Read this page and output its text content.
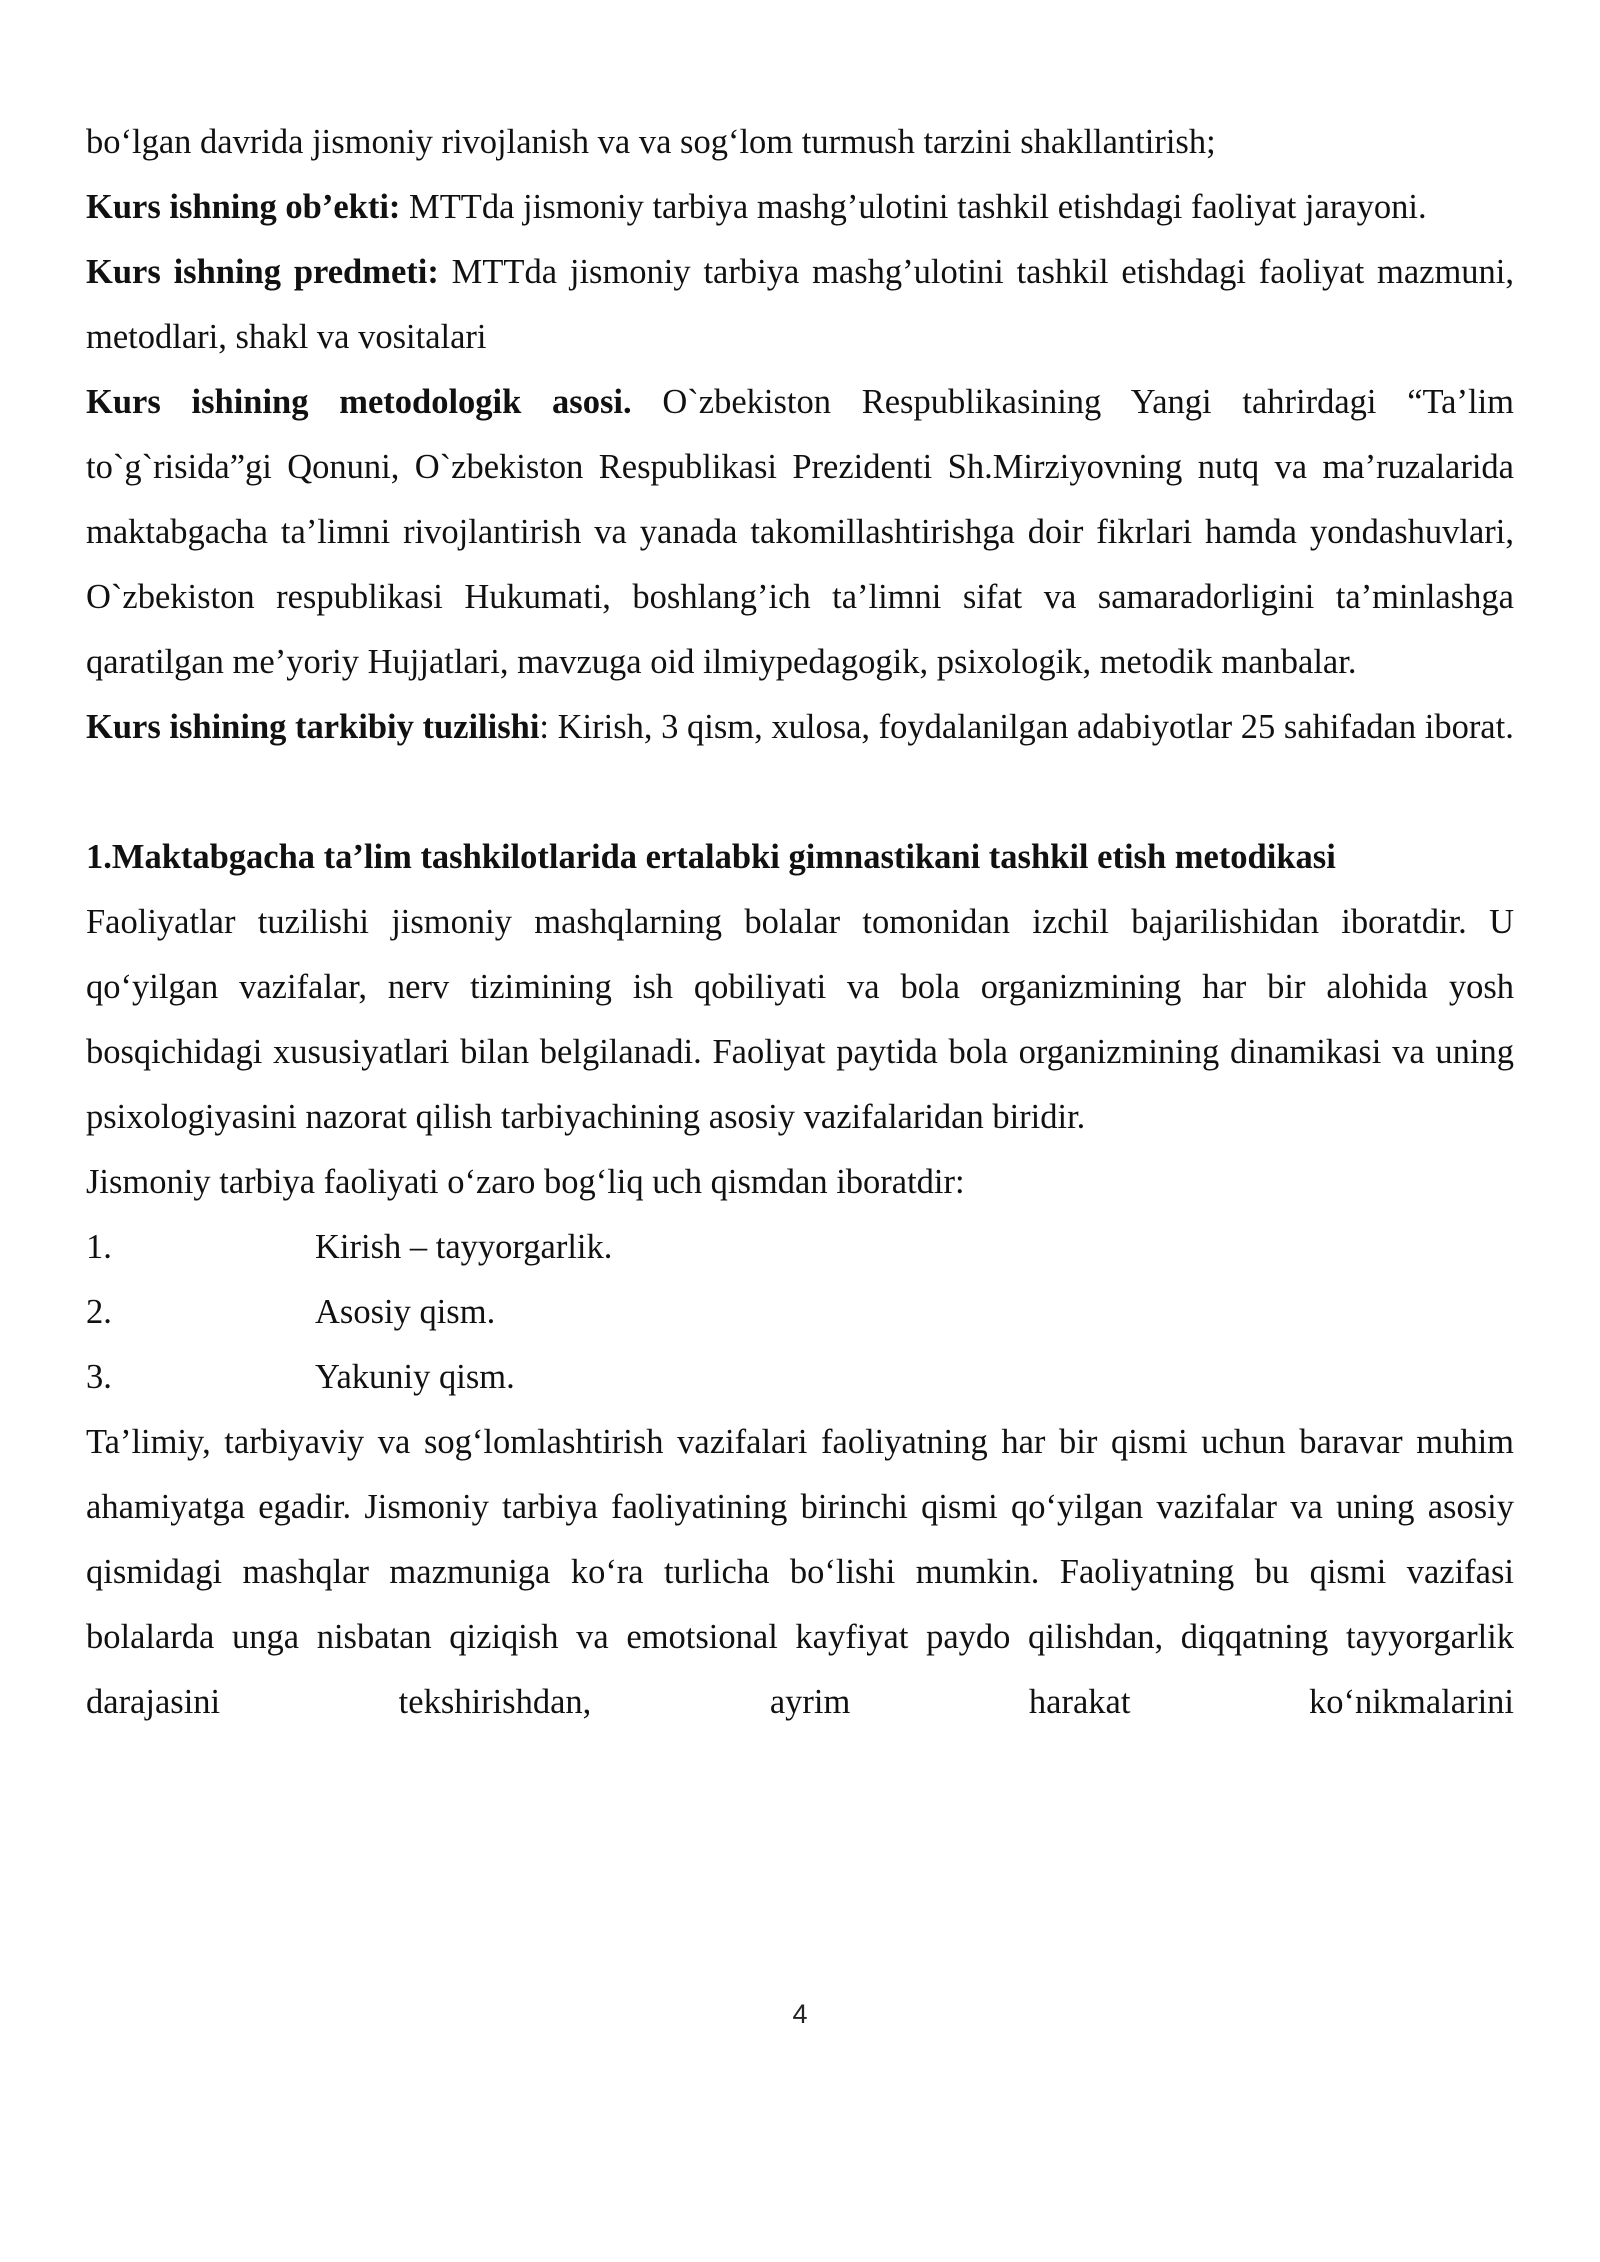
bo‘lgan davrida jismoniy rivojlanish va va sog‘lom turmush tarzini shakllantirish;

Kurs ishning ob’ekti: MTTda jismoniy tarbiya mashg’ulotini tashkil etishdagi faoliyat jarayoni.

Kurs ishning predmeti: MTTda jismoniy tarbiya mashg’ulotini tashkil etishdagi faoliyat mazmuni, metodlari, shakl va vositalari

Kurs ishining metodologik asosi. O`zbekiston Respublikasining Yangi tahrirdagi “Ta’lim to`g`risida”gi Qonuni, O`zbekiston Respublikasi Prezidenti Sh.Mirziyovning nutq va ma’ruzalarida maktabgacha ta’limni rivojlantirish va yanada takomillashtirishga doir fikrlari hamda yondashuvlari, O`zbekiston respublikasi Hukumati, boshlang’ich ta’limni sifat va samaradorligini ta’minlashga qaratilgan me’yoriy Hujjatlari, mavzuga oid ilmiypedagogik, psixologik, metodik manbalar.

Kurs ishining tarkibiy tuzilishi: Kirish, 3 qism, xulosa, foydalanilgan adabiyotlar 25 sahifadan iborat.

1.Maktabgacha ta’lim tashkilotlarida ertalabki gimnastikani tashkil etish metodikasi

Faoliyatlar tuzilishi jismoniy mashqlarning bolalar tomonidan izchil bajarilishidan iboratdir. U qo‘yilgan vazifalar, nerv tizimining ish qobiliyati va bola organizmining har bir alohida yosh bosqichidagi xususiyatlari bilan belgilanadi. Faoliyat paytida bola organizmining dinamikasi va uning psixologiyasini nazorat qilish tarbiyachining asosiy vazifalaridan biridir.

Jismoniy tarbiya faoliyati o‘zaro bog‘liq uch qismdan iboratdir:

1.	Kirish – tayyorgarlik.

2.	Asosiy qism.

3.	Yakuniy qism.

Ta’limiy, tarbiyaviy va sog‘lomlashtirish vazifalari faoliyatning har bir qismi uchun baravar muhim ahamiyatga egadir. Jismoniy tarbiya faoliyatining birinchi qismi qo‘yilgan vazifalar va uning asosiy qismidagi mashqlar mazmuniga ko‘ra turlicha bo‘lishi mumkin. Faoliyatning bu qismi vazifasi bolalarda unga nisbatan qiziqish va emotsional kayfiyat paydo qilishdan, diqqatning tayyorgarlik darajasini tekshirishdan, ayrim harakat ko‘nikmalarini

4
